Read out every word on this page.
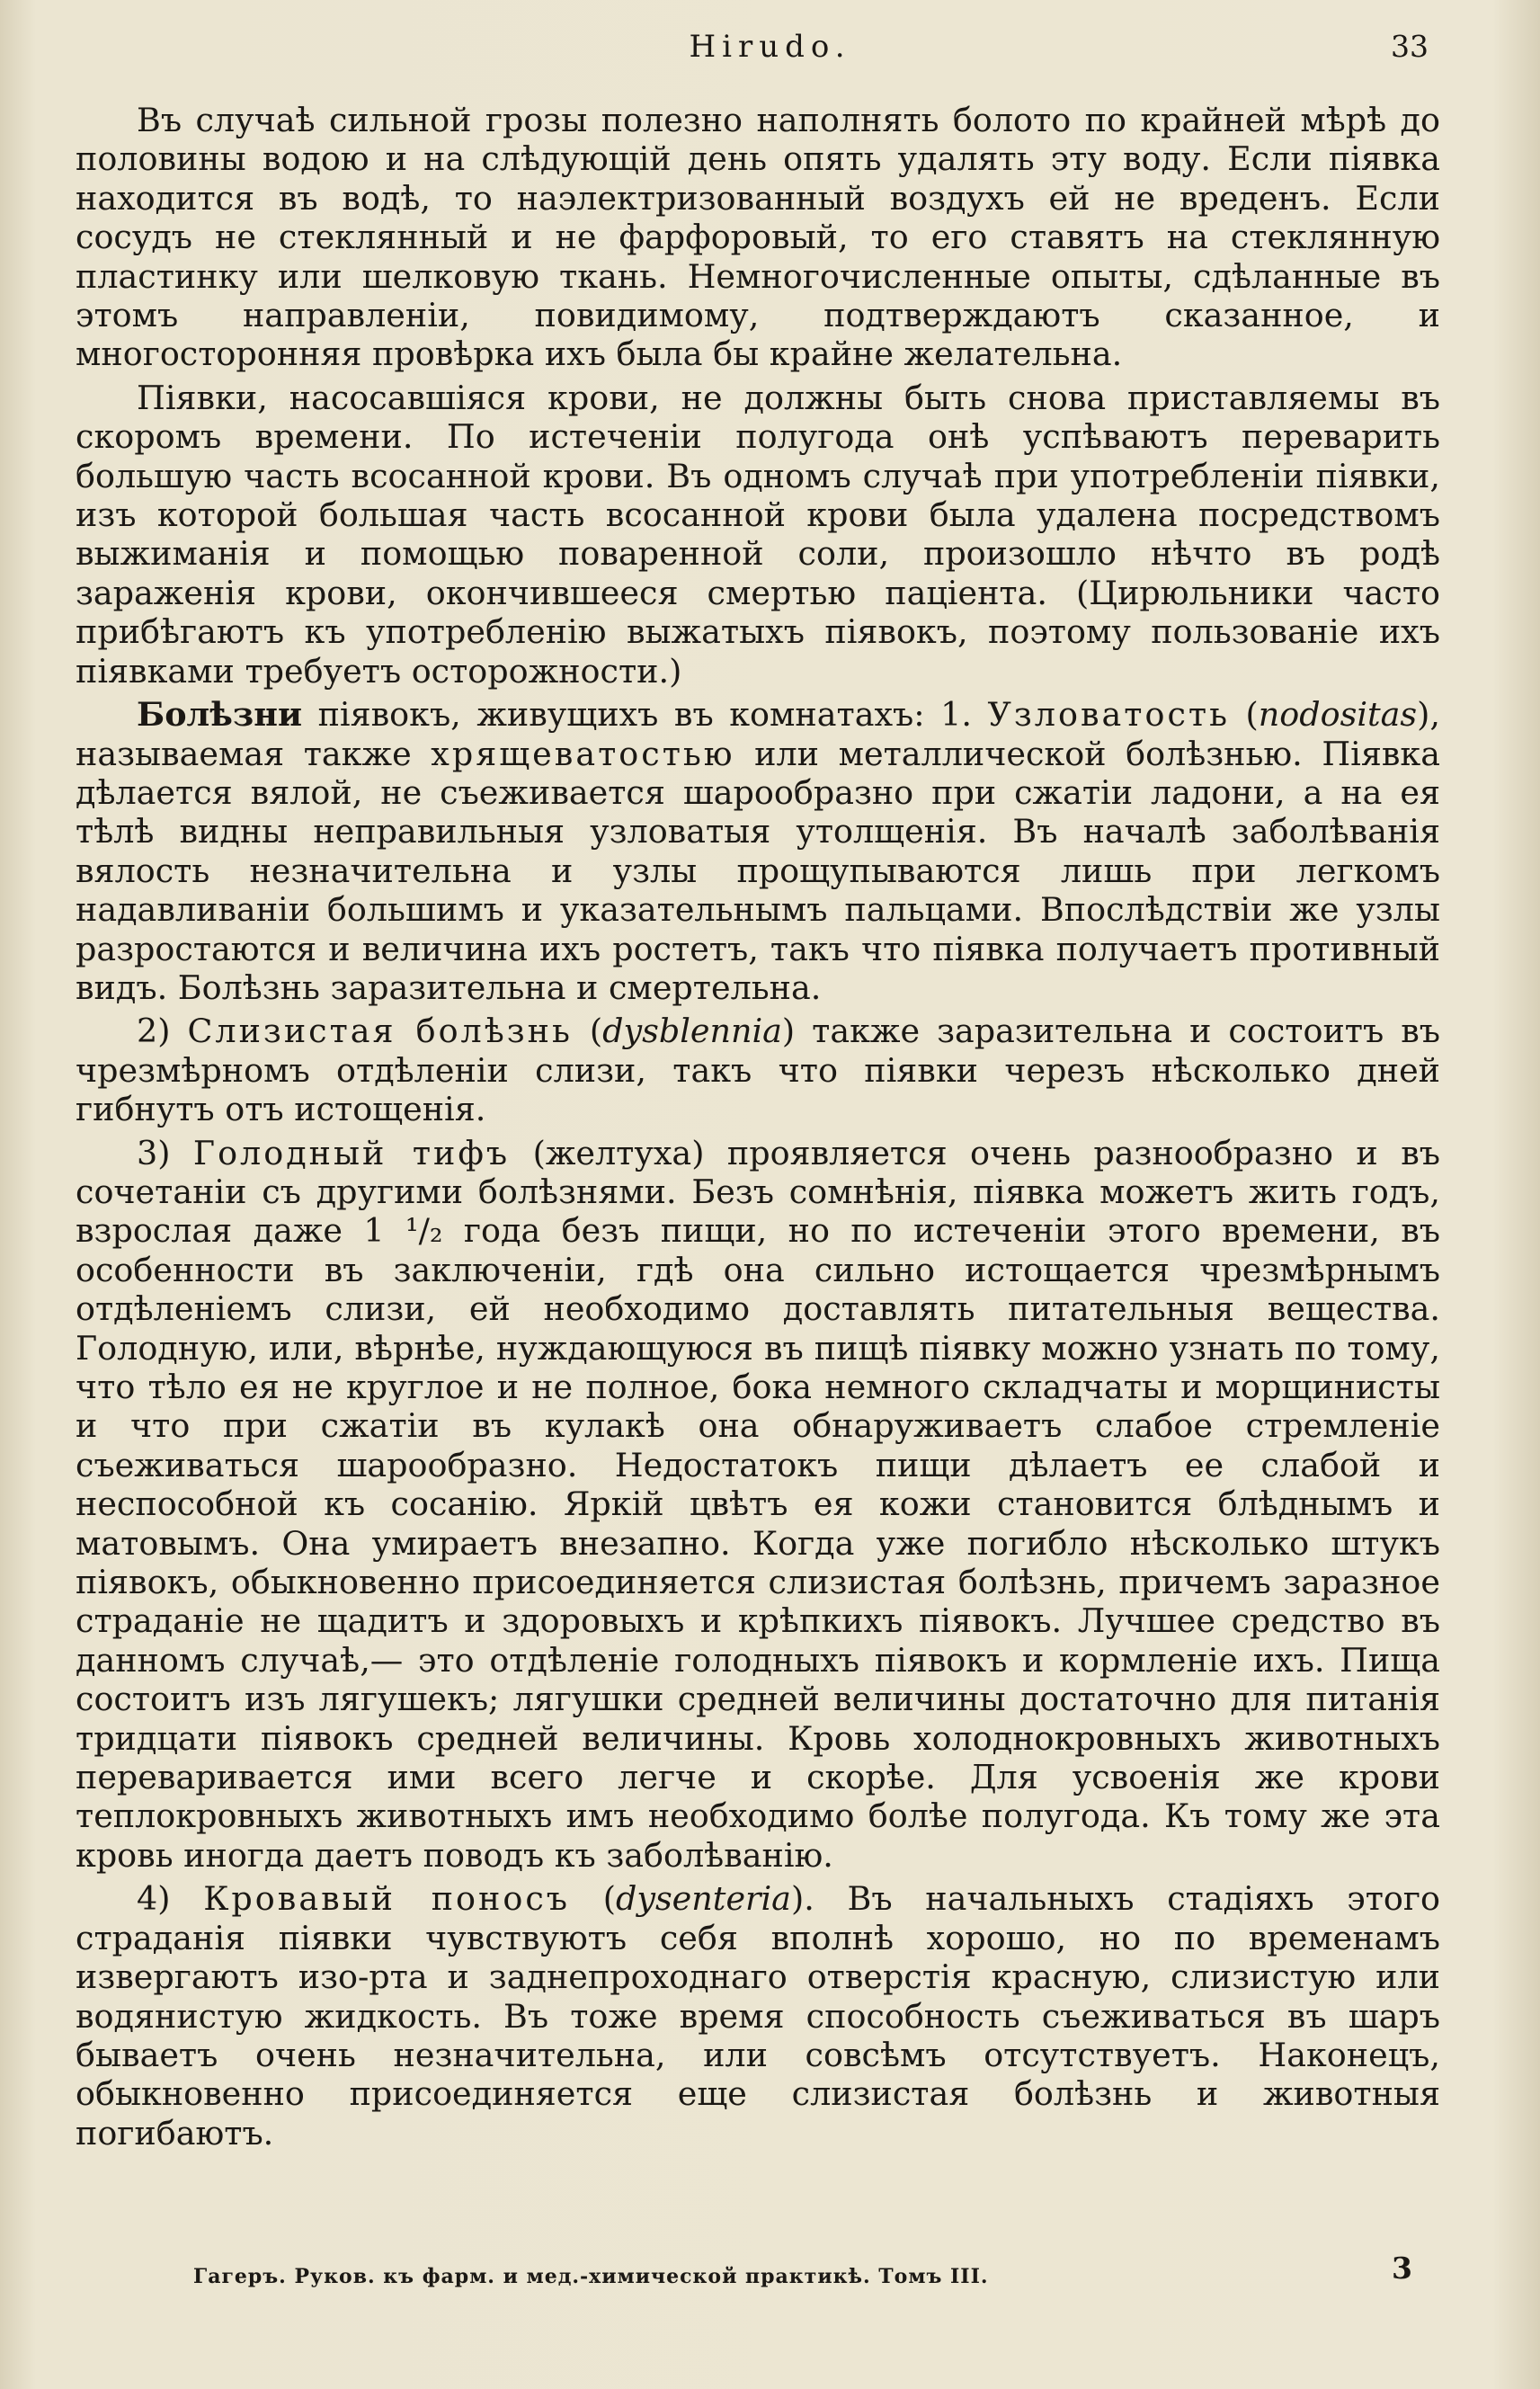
Hirudo.	33

Въ случаѣ сильной грозы полезно наполнять болото по крайней мѣрѣ до половины водою и на слѣдующій день опять удалять эту воду. Если піявка находится въ водѣ, то наэлектризованный воздухъ ей не вреденъ. Если сосудъ не стеклянный и не фарфоровый, то его ставятъ на стеклянную пластинку или шелковую ткань. Немногочисленные опыты, сдѣланные въ этомъ направленіи, повидимому, подтверждаютъ сказанное, и многосторонняя провѣрка ихъ была бы крайне желательна.

Піявки, насосавшіяся крови, не должны быть снова приставляемы въ скоромъ времени. По истеченіи полугода онѣ успѣваютъ переварить большую часть всосанной крови. Въ одномъ случаѣ при употребленіи піявки, изъ которой большая часть всосанной крови была удалена посредствомъ выжиманія и помощью поваренной соли, произошло нѣчто въ родѣ зараженія крови, окончившееся смертью паціента. (Цирюльники часто прибѣгаютъ къ употребленію выжатыхъ піявокъ, поэтому пользованіе ихъ піявками требуетъ осторожности.)

Болѣзни піявокъ, живущихъ въ комнатахъ: 1. Узловатость (nodositas), называемая также хрящеватостью или металлической болѣзнью. Піявка дѣлается вялой, не съеживается шарообразно при сжатіи ладони, а на ея тѣлѣ видны неправильныя узловатыя утолщенія. Въ началѣ заболѣванія вялость незначительна и узлы прощупываются лишь при легкомъ надавливаніи большимъ и указательнымъ пальцами. Впослѣдствіи же узлы разростаются и величина ихъ ростетъ, такъ что піявка получаетъ противный видъ. Болѣзнь заразительна и смертельна.

2) Слизистая болѣзнь (dysblennia) также заразительна и состоитъ въ чрезмѣрномъ отдѣленіи слизи, такъ что піявки черезъ нѣсколько дней гибнутъ отъ истощенія.

3) Голодный тифъ (желтуха) проявляется очень разнообразно и въ сочетаніи съ другими болѣзнями. Безъ сомнѣнія, піявка можетъ жить годъ, взрослая даже 1 ¹/₂ года безъ пищи, но по истеченіи этого времени, въ особенности въ заключеніи, гдѣ она сильно истощается чрезмѣрнымъ отдѣленіемъ слизи, ей необходимо доставлять питательныя вещества. Голодную, или, вѣрнѣе, нуждающуюся въ пищѣ піявку можно узнать по тому, что тѣло ея не круглое и не полное, бока немного складчаты и морщинисты и что при сжатіи въ кулакѣ она обнаруживаетъ слабое стремленіе съеживаться шарообразно. Недостатокъ пищи дѣлаетъ ее слабой и неспособной къ сосанію. Яркій цвѣтъ ея кожи становится блѣднымъ и матовымъ. Она умираетъ внезапно. Когда уже погибло нѣсколько штукъ піявокъ, обыкновенно присоединяется слизистая болѣзнь, причемъ заразное страданіе не щадитъ и здоровыхъ и крѣпкихъ піявокъ. Лучшее средство въ данномъ случаѣ,— это отдѣленіе голодныхъ піявокъ и кормленіе ихъ. Пища состоитъ изъ лягушекъ; лягушки средней величины достаточно для питанія тридцати піявокъ средней величины. Кровь холоднокровныхъ животныхъ переваривается ими всего легче и скорѣе. Для усвоенія же крови теплокровныхъ животныхъ имъ необходимо болѣе полугода. Къ тому же эта кровь иногда даетъ поводъ къ заболѣванію.

4) Кровавый поносъ (dysenteria). Въ начальныхъ стадіяхъ этого страданія піявки чувствуютъ себя вполнѣ хорошо, но по временамъ извергаютъ изо-рта и заднепроходнаго отверстія красную, слизистую или водянистую жидкость. Въ тоже время способность съеживаться въ шаръ бываетъ очень незначительна, или совсѣмъ отсутствуетъ. Наконецъ, обыкновенно присоединяется еще слизистая болѣзнь и животныя погибаютъ.

Гагеръ. Руков. къ фарм. и мед.-химической практикѣ. Томъ III.	3
